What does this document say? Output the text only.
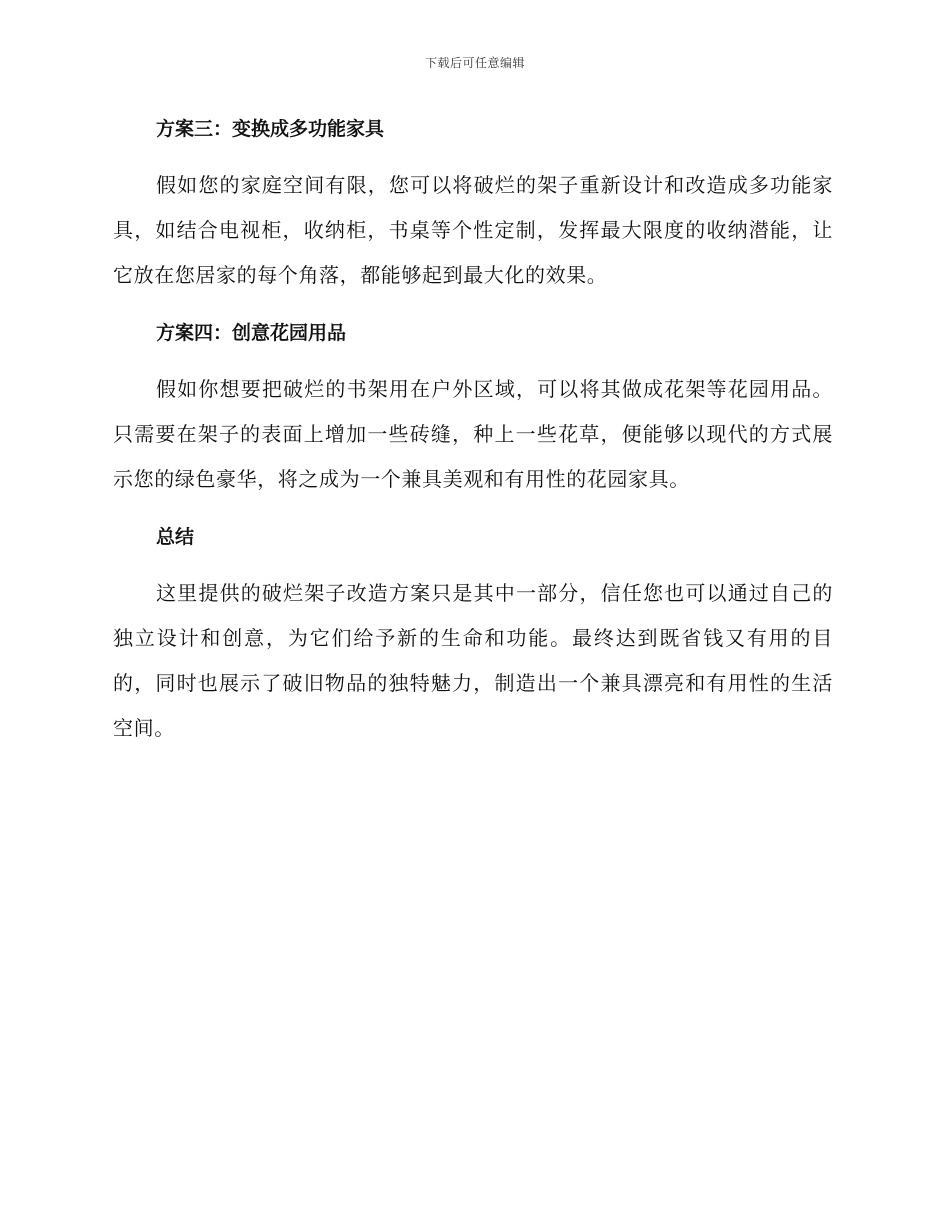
下载后可任意编辑
方案三：变换成多功能家具

假如您的家庭空间有限，您可以将破烂的架子重新设计和改造成多功能家具，如结合电视柜，收纳柜，书桌等个性定制，发挥最大限度的收纳潜能，让它放在您居家的每个角落，都能够起到最大化的效果。

方案四：创意花园用品

假如你想要把破烂的书架用在户外区域，可以将其做成花架等花园用品。只需要在架子的表面上增加一些砖缝，种上一些花草，便能够以现代的方式展示您的绿色豪华，将之成为一个兼具美观和有用性的花园家具。

总结

这里提供的破烂架子改造方案只是其中一部分，信任您也可以通过自己的独立设计和创意，为它们给予新的生命和功能。最终达到既省钱又有用的目的，同时也展示了破旧物品的独特魅力，制造出一个兼具漂亮和有用性的生活空间。
